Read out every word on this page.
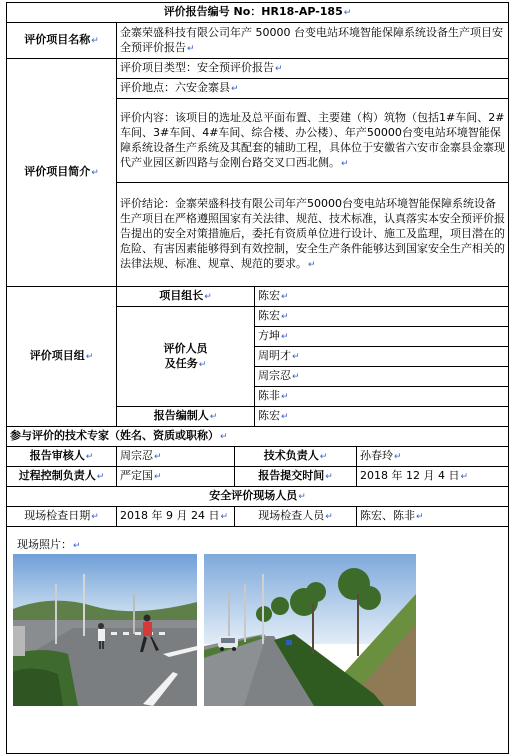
评价报告编号 No：HR18-AP-185↵				
评价项目名称↵	金寨荣盛科技有限公司年产 50000 台变电站环境智能保障系统设备生产项目安全预评价报告↵			
评价项目简介↵	评价项目类型：安全预评价报告↵			
	评价地点：六安金寨县↵			
	评价内容：该项目的选址及总平面布置、主要建（构）筑物（包括1#车间、2#车间、3#车间、4#车间、综合楼、办公楼）、年产50000台变电站环境智能保障系统设备生产系统及其配套的辅助工程，具体位于安徽省六安市金寨县金寨现代产业园区新四路与金刚台路交叉口西北侧。↵			
	评价结论：金寨荣盛科技有限公司年产50000台变电站环境智能保障系统设备生产项目在严格遵照国家有关法律、规范、技术标准，认真落实本安全预评价报告提出的安全对策措施后，委托有资质单位进行设计、施工及监理，项目潜在的危险、有害因素能够得到有效控制，安全生产条件能够达到国家安全生产相关的法律法规、标准、规章、规范的要求。↵			
评价项目组↵	项目组长↵		陈宏↵	

	评价人员
及任务↵		陈宏↵	
			方坤↵	
			周明才↵	
			周宗忍↵	
			陈非↵	
	报告编制人↵		陈宏↵	
参与评价的技术专家（姓名、资质或职称）↵				
报告审核人↵	周宗忍↵	技术负责人↵		孙春玲↵
过程控制负责人↵	严定国↵	报告提交时间↵		2018 年 12 月 4 日↵
安全评价现场人员↵				
现场检查日期↵	2018 年 9 月 24 日↵	现场检查人员↵		陈宏、陈非↵

现场照片：↵				
